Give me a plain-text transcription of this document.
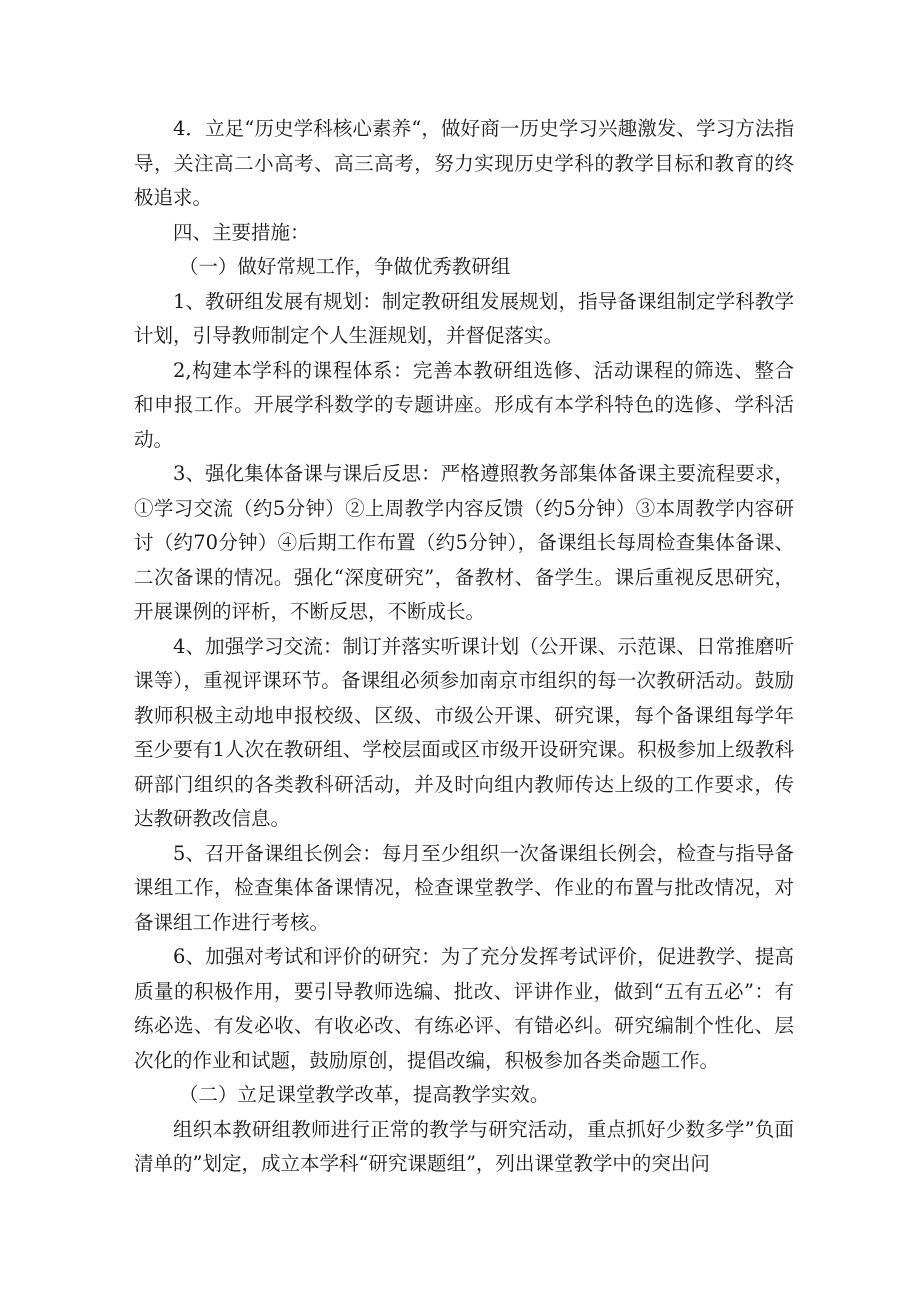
4．立足“历史学科核心素养“，做好商一历史学习兴趣激发、学习方法指导，关注高二小高考、高三高考，努力实现历史学科的教学目标和教育的终极追求。

四、主要措施：

（一）做好常规工作，争做优秀教研组

1、教研组发展有规划：制定教研组发展规划，指导备课组制定学科教学计划，引导教师制定个人生涯规划，并督促落实。

2,构建本学科的课程体系：完善本教研组选修、活动课程的筛选、整合和申报工作。开展学科数学的专题讲座。形成有本学科特色的选修、学科活动。

3、强化集体备课与课后反思：严格遵照教务部集体备课主要流程要求，①学习交流（约5分钟）②上周教学内容反馈（约5分钟）③本周教学内容研讨（约70分钟）④后期工作布置（约5分钟），备课组长每周检查集体备课、二次备课的情况。强化“深度研究”，备教材、备学生。课后重视反思研究，开展课例的评析，不断反思，不断成长。

4、加强学习交流：制订并落实听课计划（公开课、示范课、日常推磨听课等），重视评课环节。备课组必须参加南京市组织的每一次教研活动。鼓励教师积极主动地申报校级、区级、市级公开课、研究课，每个备课组每学年至少要有1人次在教研组、学校层面或区市级开设研究课。积极参加上级教科研部门组织的各类教科研活动，并及时向组内教师传达上级的工作要求，传达教研教改信息。

5、召开备课组长例会：每月至少组织一次备课组长例会，检查与指导备课组工作，检查集体备课情况，检查课堂教学、作业的布置与批改情况，对备课组工作进行考核。

6、加强对考试和评价的研究：为了充分发挥考试评价，促进教学、提高质量的积极作用，要引导教师选编、批改、评讲作业，做到“五有五必”：有练必选、有发必收、有收必改、有练必评、有错必纠。研究编制个性化、层次化的作业和试题，鼓励原创，提倡改编，积极参加各类命题工作。

（二）立足课堂教学改革，提高教学实效。

组织本教研组教师进行正常的教学与研究活动，重点抓好少数多学”负面清单的”划定，成立本学科“研究课题组”，列出课堂教学中的突出问
